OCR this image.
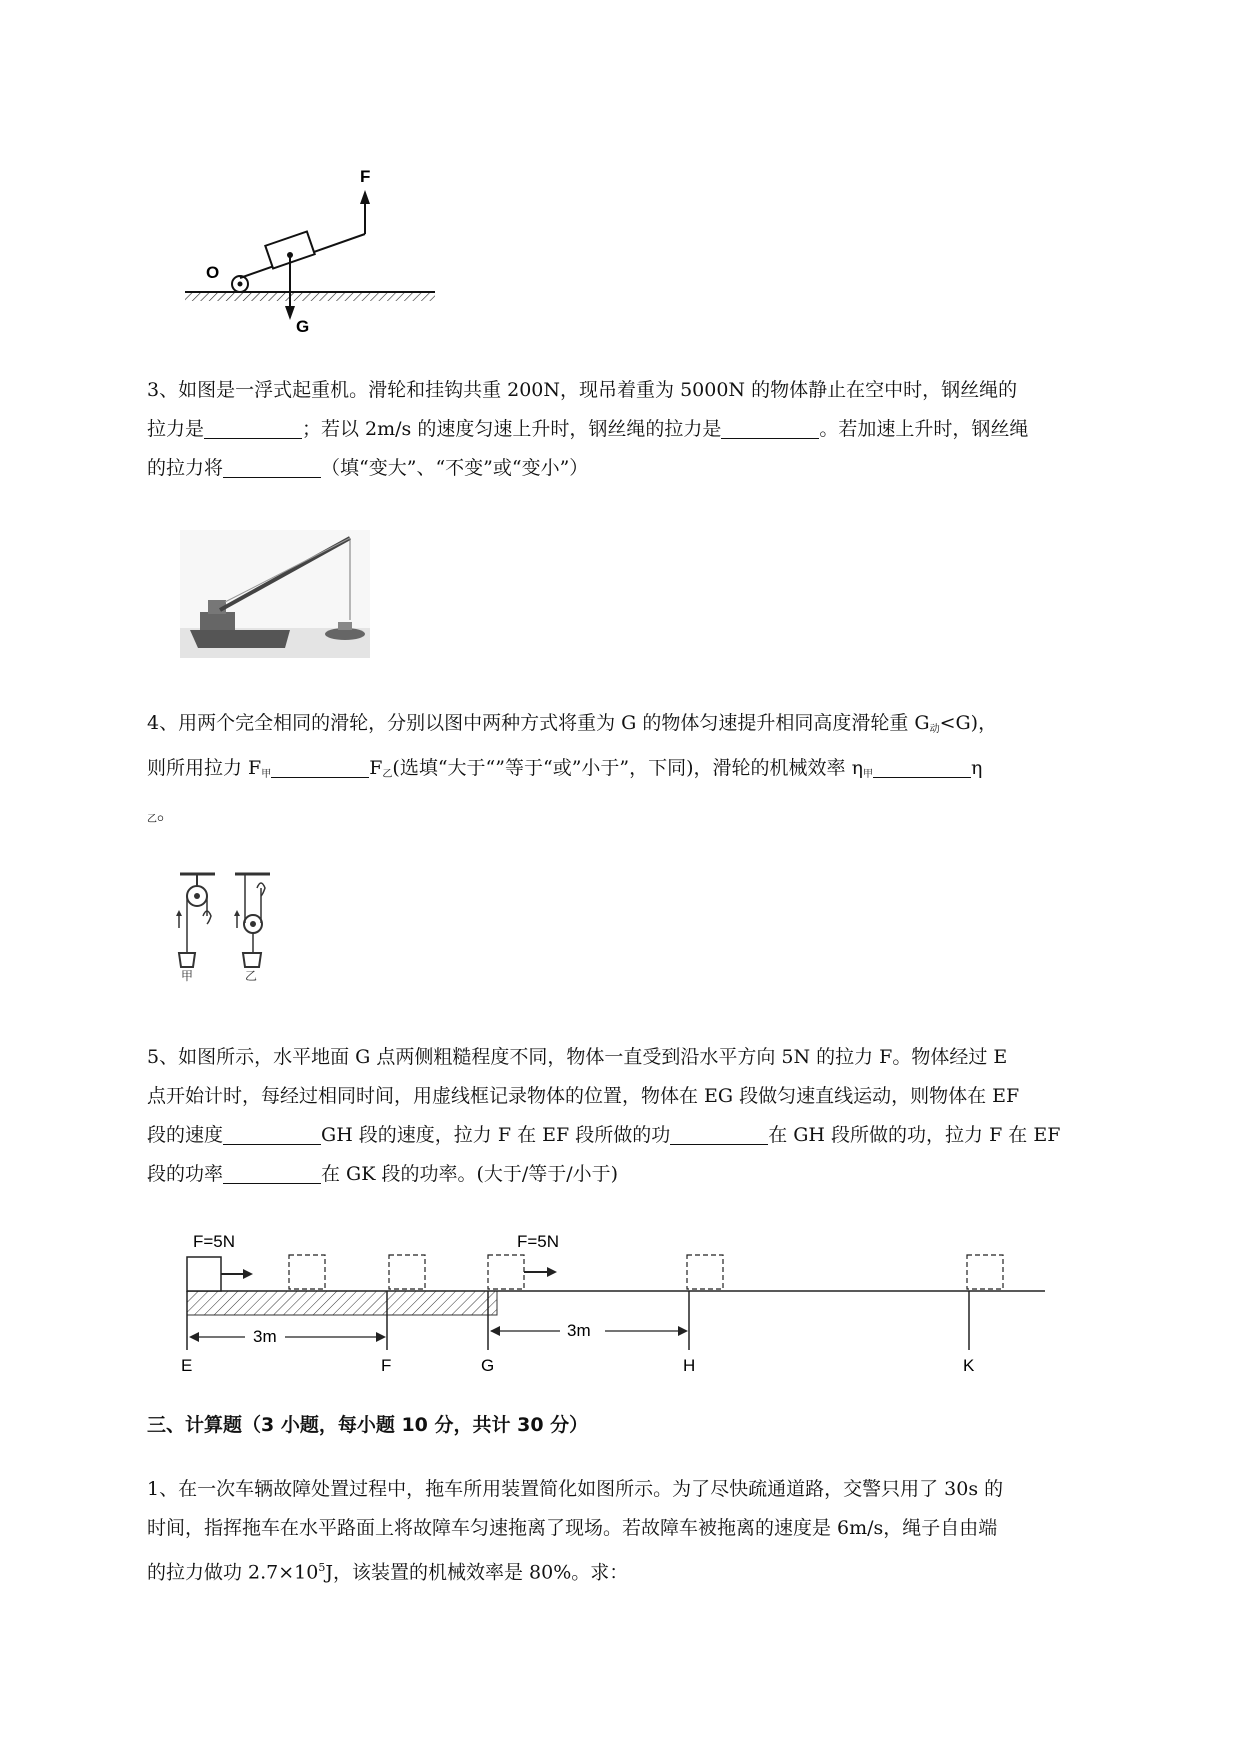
F
O
G
3、如图是一浮式起重机。滑轮和挂钩共重 200N，现吊着重为 5000N 的物体静止在空中时，钢丝绳的
拉力是	；若以 2m/s 的速度匀速上升时，钢丝绳的拉力是	。若加速上升时，钢丝绳
的拉力将	（填“变大”、“不变”或“变小”）
4、用两个完全相同的滑轮，分别以图中两种方式将重为 G 的物体匀速提升相同高度滑轮重 $G_动<G$)，
则所用拉力 $F_甲$	$F_乙$(选填“大于“”等于“或”小于”，下同)，滑轮的机械效率 $\eta_甲$	η
$_乙$。
甲	乙
5、如图所示，水平地面 G 点两侧粗糙程度不同，物体一直受到沿水平方向 5N 的拉力 F。物体经过 E
点开始计时，每经过相同时间，用虚线框记录物体的位置，物体在 EG 段做匀速直线运动，则物体在 EF
段的速度	GH 段的速度，拉力 F 在 EF 段所做的功	在 GH 段所做的功，拉力 F 在 EF
段的功率	在 GK 段的功率。(大于/等于/小于)
F=5N	F=5N
3m	3m
E	F	G	H	K
三、计算题（3 小题，每小题 10 分，共计 30 分）
1、在一次车辆故障处置过程中，拖车所用装置简化如图所示。为了尽快疏通道路，交警只用了 30s 的
时间，指挥拖车在水平路面上将故障车匀速拖离了现场。若故障车被拖离的速度是 6m/s，绳子自由端
的拉力做功 $2.7\times 10^5J$，该装置的机械效率是 80%。求：
